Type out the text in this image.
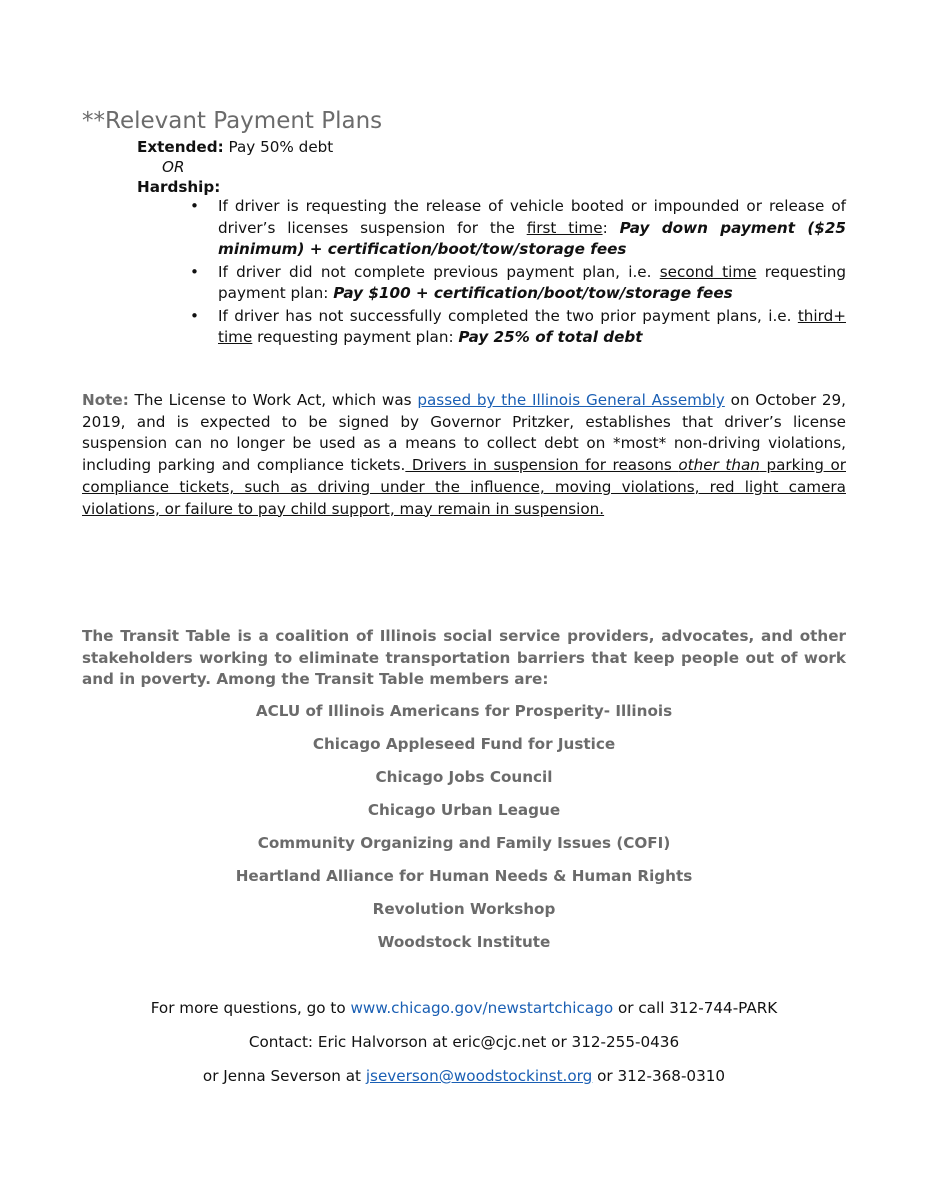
**Relevant Payment Plans
Extended: Pay 50% debt
OR
Hardship:
• If driver is requesting the release of vehicle booted or impounded or release of driver’s licenses suspension for the first time: Pay down payment ($25 minimum) + certification/boot/tow/storage fees
• If driver did not complete previous payment plan, i.e. second time requesting payment plan: Pay $100 + certification/boot/tow/storage fees
• If driver has not successfully completed the two prior payment plans, i.e. third+ time requesting payment plan: Pay 25% of total debt
Note: The License to Work Act, which was passed by the Illinois General Assembly on October 29, 2019, and is expected to be signed by Governor Pritzker, establishes that driver’s license suspension can no longer be used as a means to collect debt on *most* non-driving violations, including parking and compliance tickets. Drivers in suspension for reasons other than parking or compliance tickets, such as driving under the influence, moving violations, red light camera violations, or failure to pay child support, may remain in suspension.
The Transit Table is a coalition of Illinois social service providers, advocates, and other stakeholders working to eliminate transportation barriers that keep people out of work and in poverty. Among the Transit Table members are:
ACLU of Illinois Americans for Prosperity- Illinois
Chicago Appleseed Fund for Justice
Chicago Jobs Council
Chicago Urban League
Community Organizing and Family Issues (COFI)
Heartland Alliance for Human Needs & Human Rights
Revolution Workshop
Woodstock Institute
For more questions, go to www.chicago.gov/newstartchicago or call 312-744-PARK
Contact: Eric Halvorson at eric@cjc.net or 312-255-0436
or Jenna Severson at jseverson@woodstockinst.org or 312-368-0310
